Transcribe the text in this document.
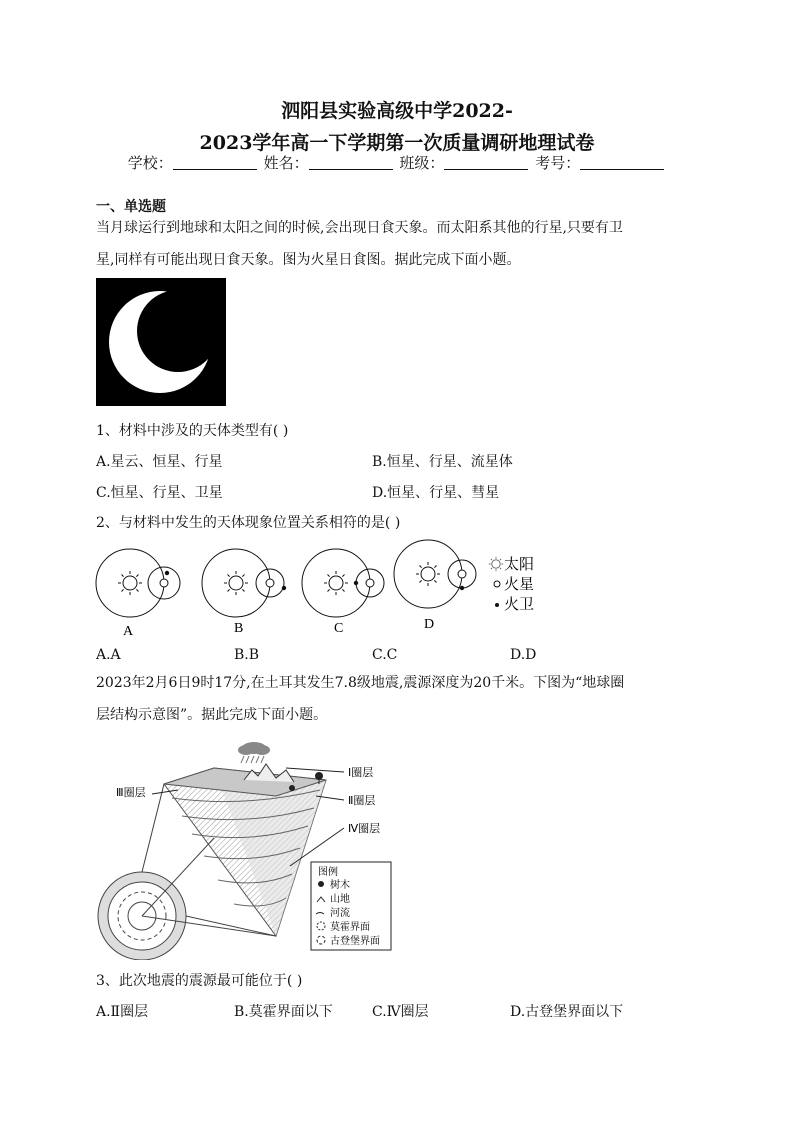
泗阳县实验高级中学2022-
2023学年高一下学期第一次质量调研地理试卷
学校：	姓名：	班级：	考号：
一、单选题
当月球运行到地球和太阳之间的时候,会出现日食天象。而太阳系其他的行星,只要有卫
星,同样有可能出现日食天象。图为火星日食图。据此完成下面小题。
1、材料中涉及的天体类型有( )
A.星云、恒星、行星	B.恒星、行星、流星体
C.恒星、行星、卫星	D.恒星、行星、彗星
2、与材料中发生的天体现象位置关系相符的是( )
A	B	C	D
太阳
火星
火卫
A.A	B.B	C.C	D.D
2023年2月6日9时17分,在土耳其发生7.8级地震,震源深度为20千米。下图为“地球圈
层结构示意图”。据此完成下面小题。
Ⅰ圈层
Ⅱ圈层
Ⅲ圈层
Ⅳ圈层
图例
树木
山地
河流
莫霍界面
古登堡界面
3、此次地震的震源最可能位于( )
A.Ⅱ圈层	B.莫霍界面以下	C.Ⅳ圈层	D.古登堡界面以下
